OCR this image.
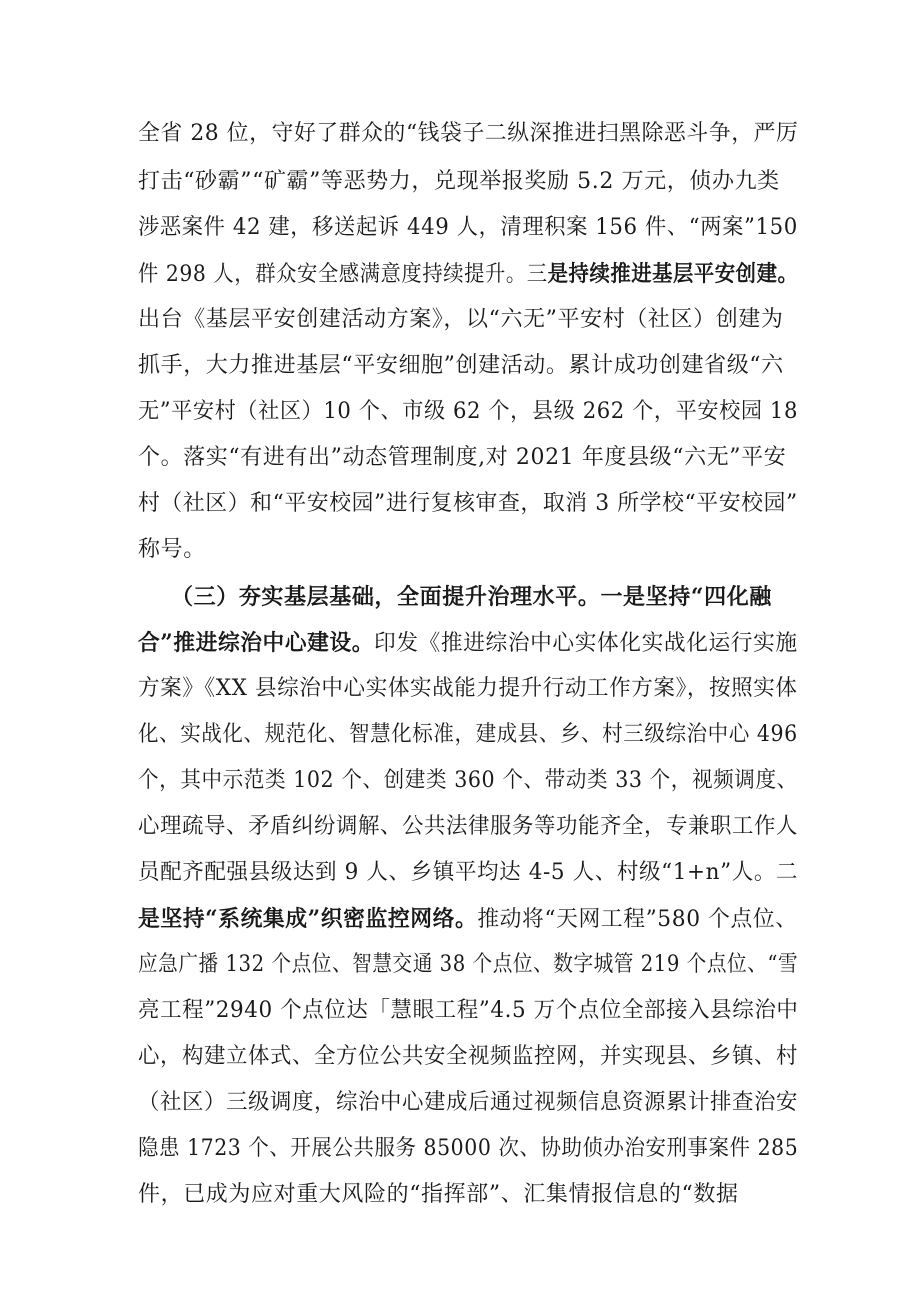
全省 28 位，守好了群众的“钱袋子二纵深推进扫黑除恶斗争，严厉
打击“砂霸”“矿霸”等恶势力，兑现举报奖励 5.2 万元，侦办九类
涉恶案件 42 建，移送起诉 449 人，清理积案 156 件、“两案”150
件 298 人，群众安全感满意度持续提升。三是持续推进基层平安创建。
出台《基层平安创建活动方案》，以“六无”平安村（社区）创建为
抓手，大力推进基层“平安细胞”创建活动。累计成功创建省级“六
无”平安村（社区）10 个、市级 62 个，县级 262 个，平安校园 18
个。落实“有进有出”动态管理制度,对 2021 年度县级“六无”平安
村（社区）和“平安校园”进行复核审查，取消 3 所学校“平安校园”
称号。
（三）夯实基层基础，全面提升治理水平。一是坚持“四化融
合”推进综治中心建设。印发《推进综治中心实体化实战化运行实施
方案》《XX 县综治中心实体实战能力提升行动工作方案》，按照实体
化、实战化、规范化、智慧化标准，建成县、乡、村三级综治中心 496
个，其中示范类 102 个、创建类 360 个、带动类 33 个，视频调度、
心理疏导、矛盾纠纷调解、公共法律服务等功能齐全，专兼职工作人
员配齐配强县级达到 9 人、乡镇平均达 4-5 人、村级“1+n”人。二
是坚持“系统集成”织密监控网络。推动将“天网工程”580 个点位、
应急广播 132 个点位、智慧交通 38 个点位、数字城管 219 个点位、“雪
亮工程”2940 个点位达「慧眼工程”4.5 万个点位全部接入县综治中
心，构建立体式、全方位公共安全视频监控网，并实现县、乡镇、村
（社区）三级调度，综治中心建成后通过视频信息资源累计排查治安
隐患 1723 个、开展公共服务 85000 次、协助侦办治安刑事案件 285
件，已成为应对重大风险的“指挥部”、汇集情报信息的“数据
